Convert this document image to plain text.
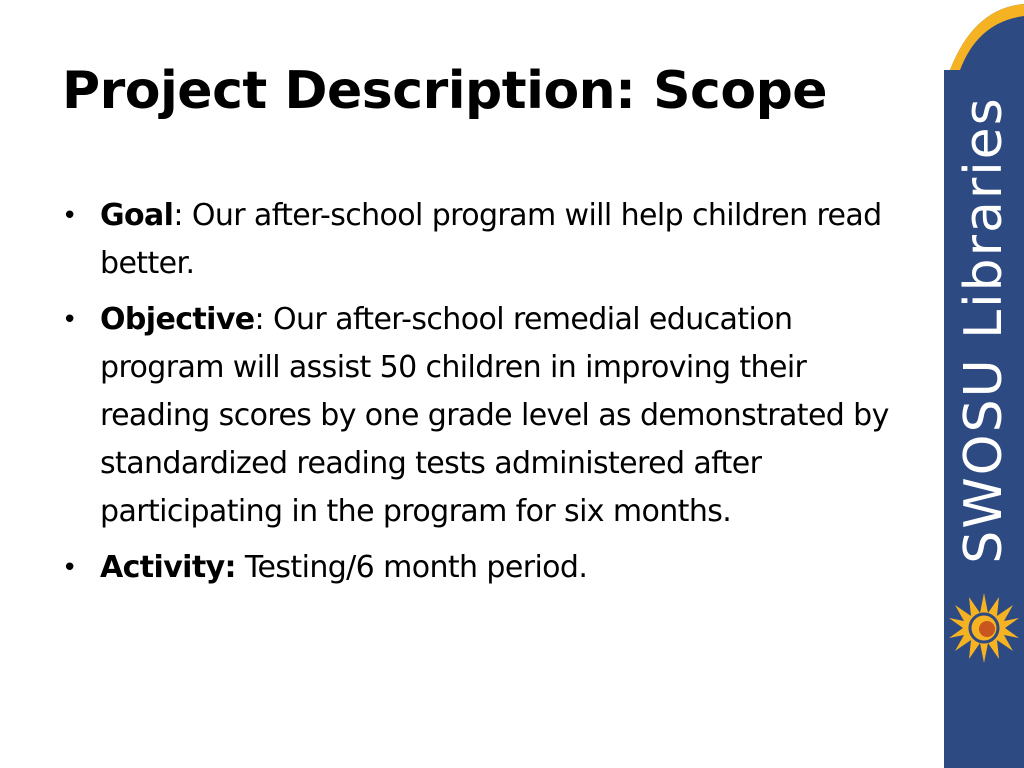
Project Description: Scope
• Goal: Our after-school program will help children read better.
• Objective: Our after-school remedial education program will assist 50 children in improving their reading scores by one grade level as demonstrated by standardized reading tests administered after participating in the program for six months.
• Activity: Testing/6 month period.
SWOSU Libraries
